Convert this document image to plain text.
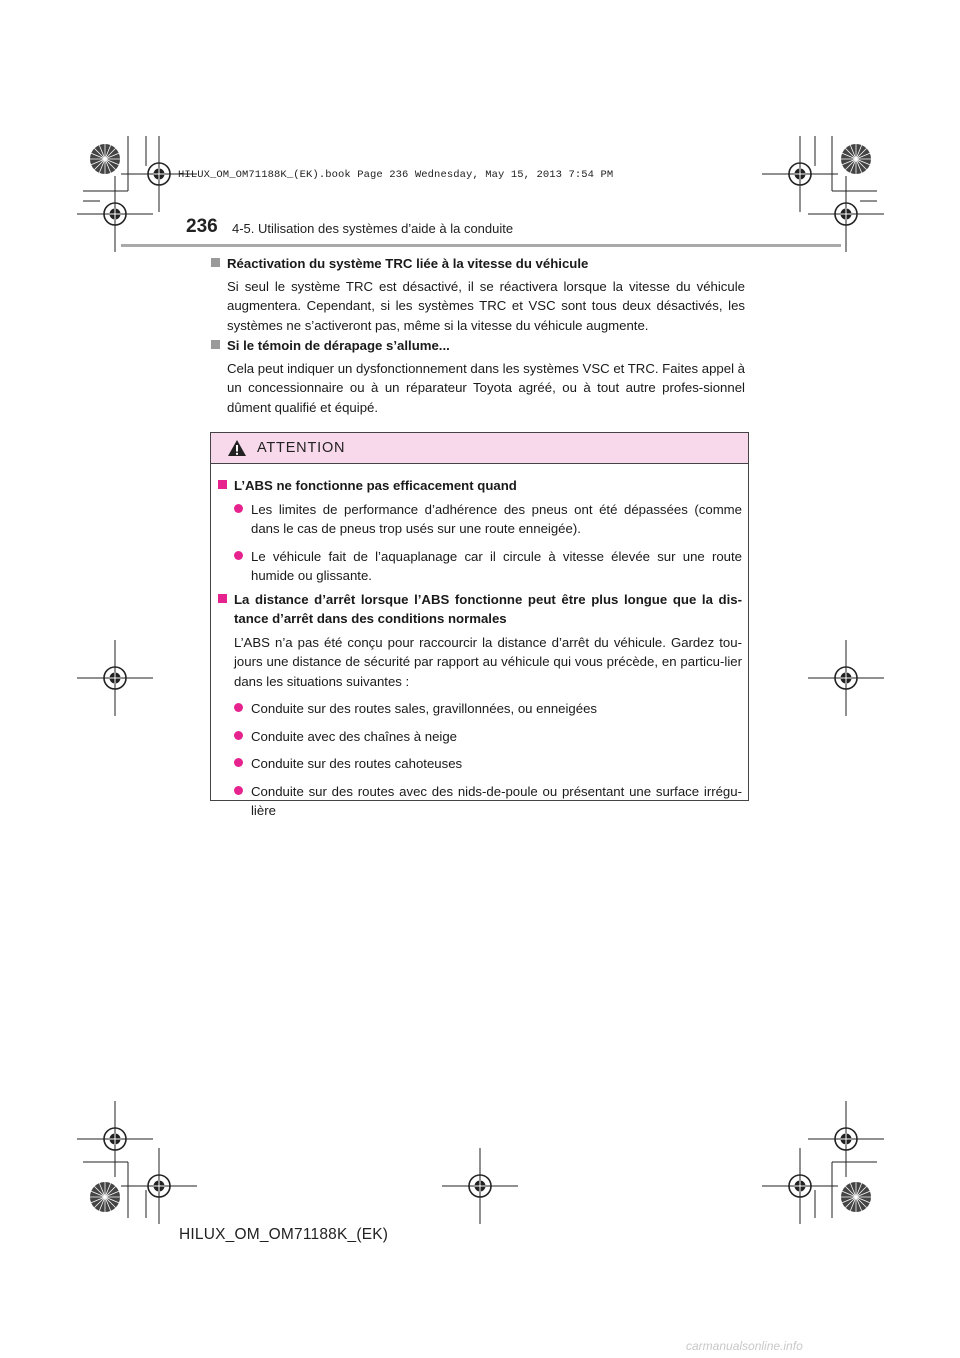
HILUX_OM_OM71188K_(EK).book Page 236 Wednesday, May 15, 2013 7:54 PM
236 4-5. Utilisation des systèmes d’aide à la conduite
Réactivation du système TRC liée à la vitesse du véhicule
Si seul le système TRC est désactivé, il se réactivera lorsque la vitesse du véhicule augmentera. Cependant, si les systèmes TRC et VSC sont tous deux désactivés, les systèmes ne s’activeront pas, même si la vitesse du véhicule augmente.
Si le témoin de dérapage s’allume...
Cela peut indiquer un dysfonctionnement dans les systèmes VSC et TRC. Faites appel à un concessionnaire ou à un réparateur Toyota agréé, ou à tout autre profes-sionnel dûment qualifié et équipé.
ATTENTION
L’ABS ne fonctionne pas efficacement quand
Les limites de performance d’adhérence des pneus ont été dépassées (comme dans le cas de pneus trop usés sur une route enneigée).
Le véhicule fait de l’aquaplanage car il circule à vitesse élevée sur une route humide ou glissante.
La distance d’arrêt lorsque l’ABS fonctionne peut être plus longue que la dis-tance d’arrêt dans des conditions normales
L’ABS n’a pas été conçu pour raccourcir la distance d’arrêt du véhicule. Gardez tou-jours une distance de sécurité par rapport au véhicule qui vous précède, en particu-lier dans les situations suivantes :
Conduite sur des routes sales, gravillonnées, ou enneigées
Conduite avec des chaînes à neige
Conduite sur des routes cahoteuses
Conduite sur des routes avec des nids-de-poule ou présentant une surface irrégu-lière
HILUX_OM_OM71188K_(EK)
carmanualsonline.info
